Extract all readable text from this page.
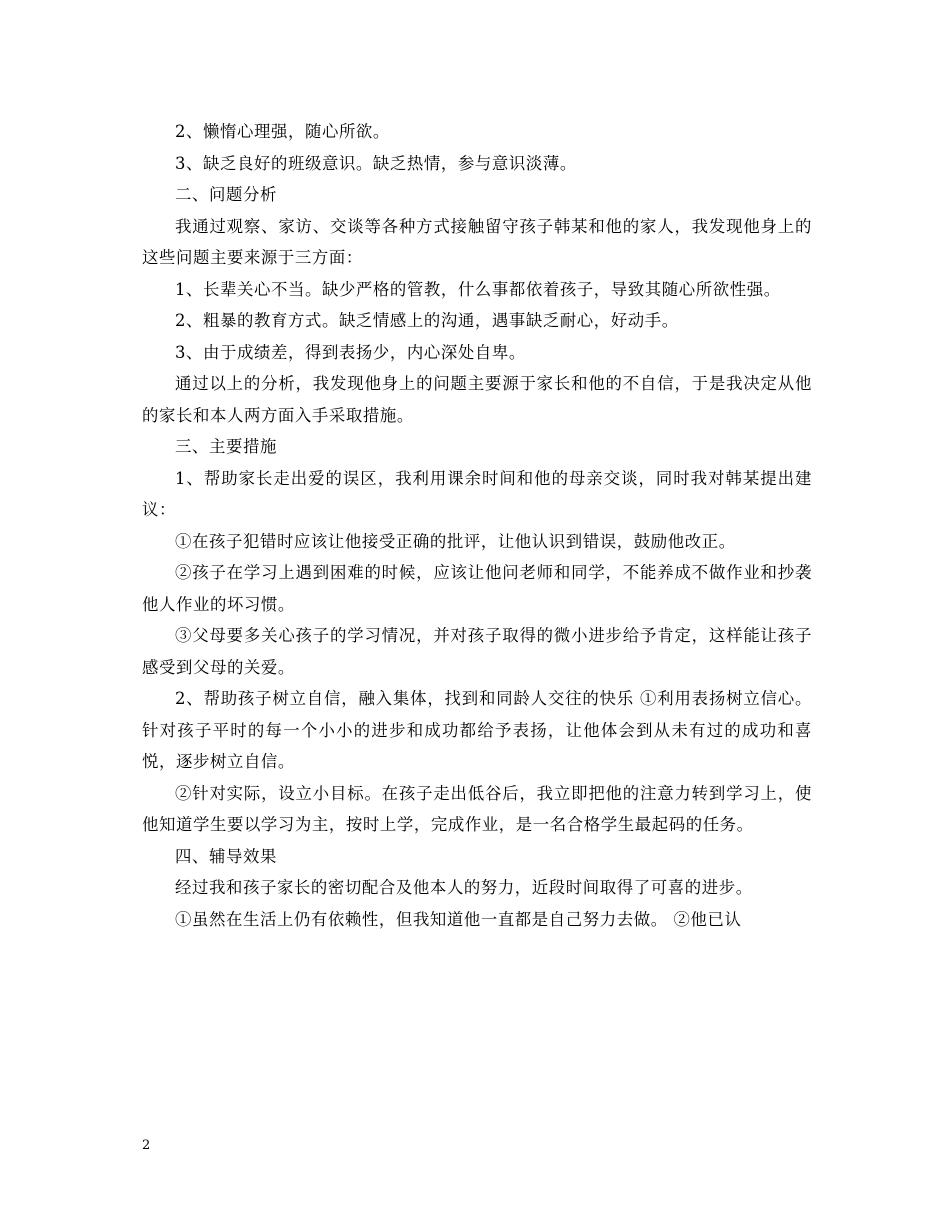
2、懒惰心理强，随心所欲。

3、缺乏良好的班级意识。缺乏热情，参与意识淡薄。

二、问题分析

我通过观察、家访、交谈等各种方式接触留守孩子韩某和他的家人，我发现他身上的这些问题主要来源于三方面：

1、长辈关心不当。缺少严格的管教，什么事都依着孩子，导致其随心所欲性强。

2、粗暴的教育方式。缺乏情感上的沟通，遇事缺乏耐心，好动手。

3、由于成绩差，得到表扬少，内心深处自卑。

通过以上的分析，我发现他身上的问题主要源于家长和他的不自信，于是我决定从他的家长和本人两方面入手采取措施。

三、主要措施

1、帮助家长走出爱的误区，我利用课余时间和他的母亲交谈，同时我对韩某提出建议：

①在孩子犯错时应该让他接受正确的批评，让他认识到错误，鼓励他改正。

②孩子在学习上遇到困难的时候，应该让他问老师和同学，不能养成不做作业和抄袭他人作业的坏习惯。

③父母要多关心孩子的学习情况，并对孩子取得的微小进步给予肯定，这样能让孩子感受到父母的关爱。

2、帮助孩子树立自信，融入集体，找到和同龄人交往的快乐 ①利用表扬树立信心。针对孩子平时的每一个小小的进步和成功都给予表扬，让他体会到从未有过的成功和喜悦，逐步树立自信。

②针对实际，设立小目标。在孩子走出低谷后，我立即把他的注意力转到学习上，使他知道学生要以学习为主，按时上学，完成作业，是一名合格学生最起码的任务。

四、辅导效果

经过我和孩子家长的密切配合及他本人的努力，近段时间取得了可喜的进步。

①虽然在生活上仍有依赖性，但我知道他一直都是自己努力去做。 ②他已认

2
